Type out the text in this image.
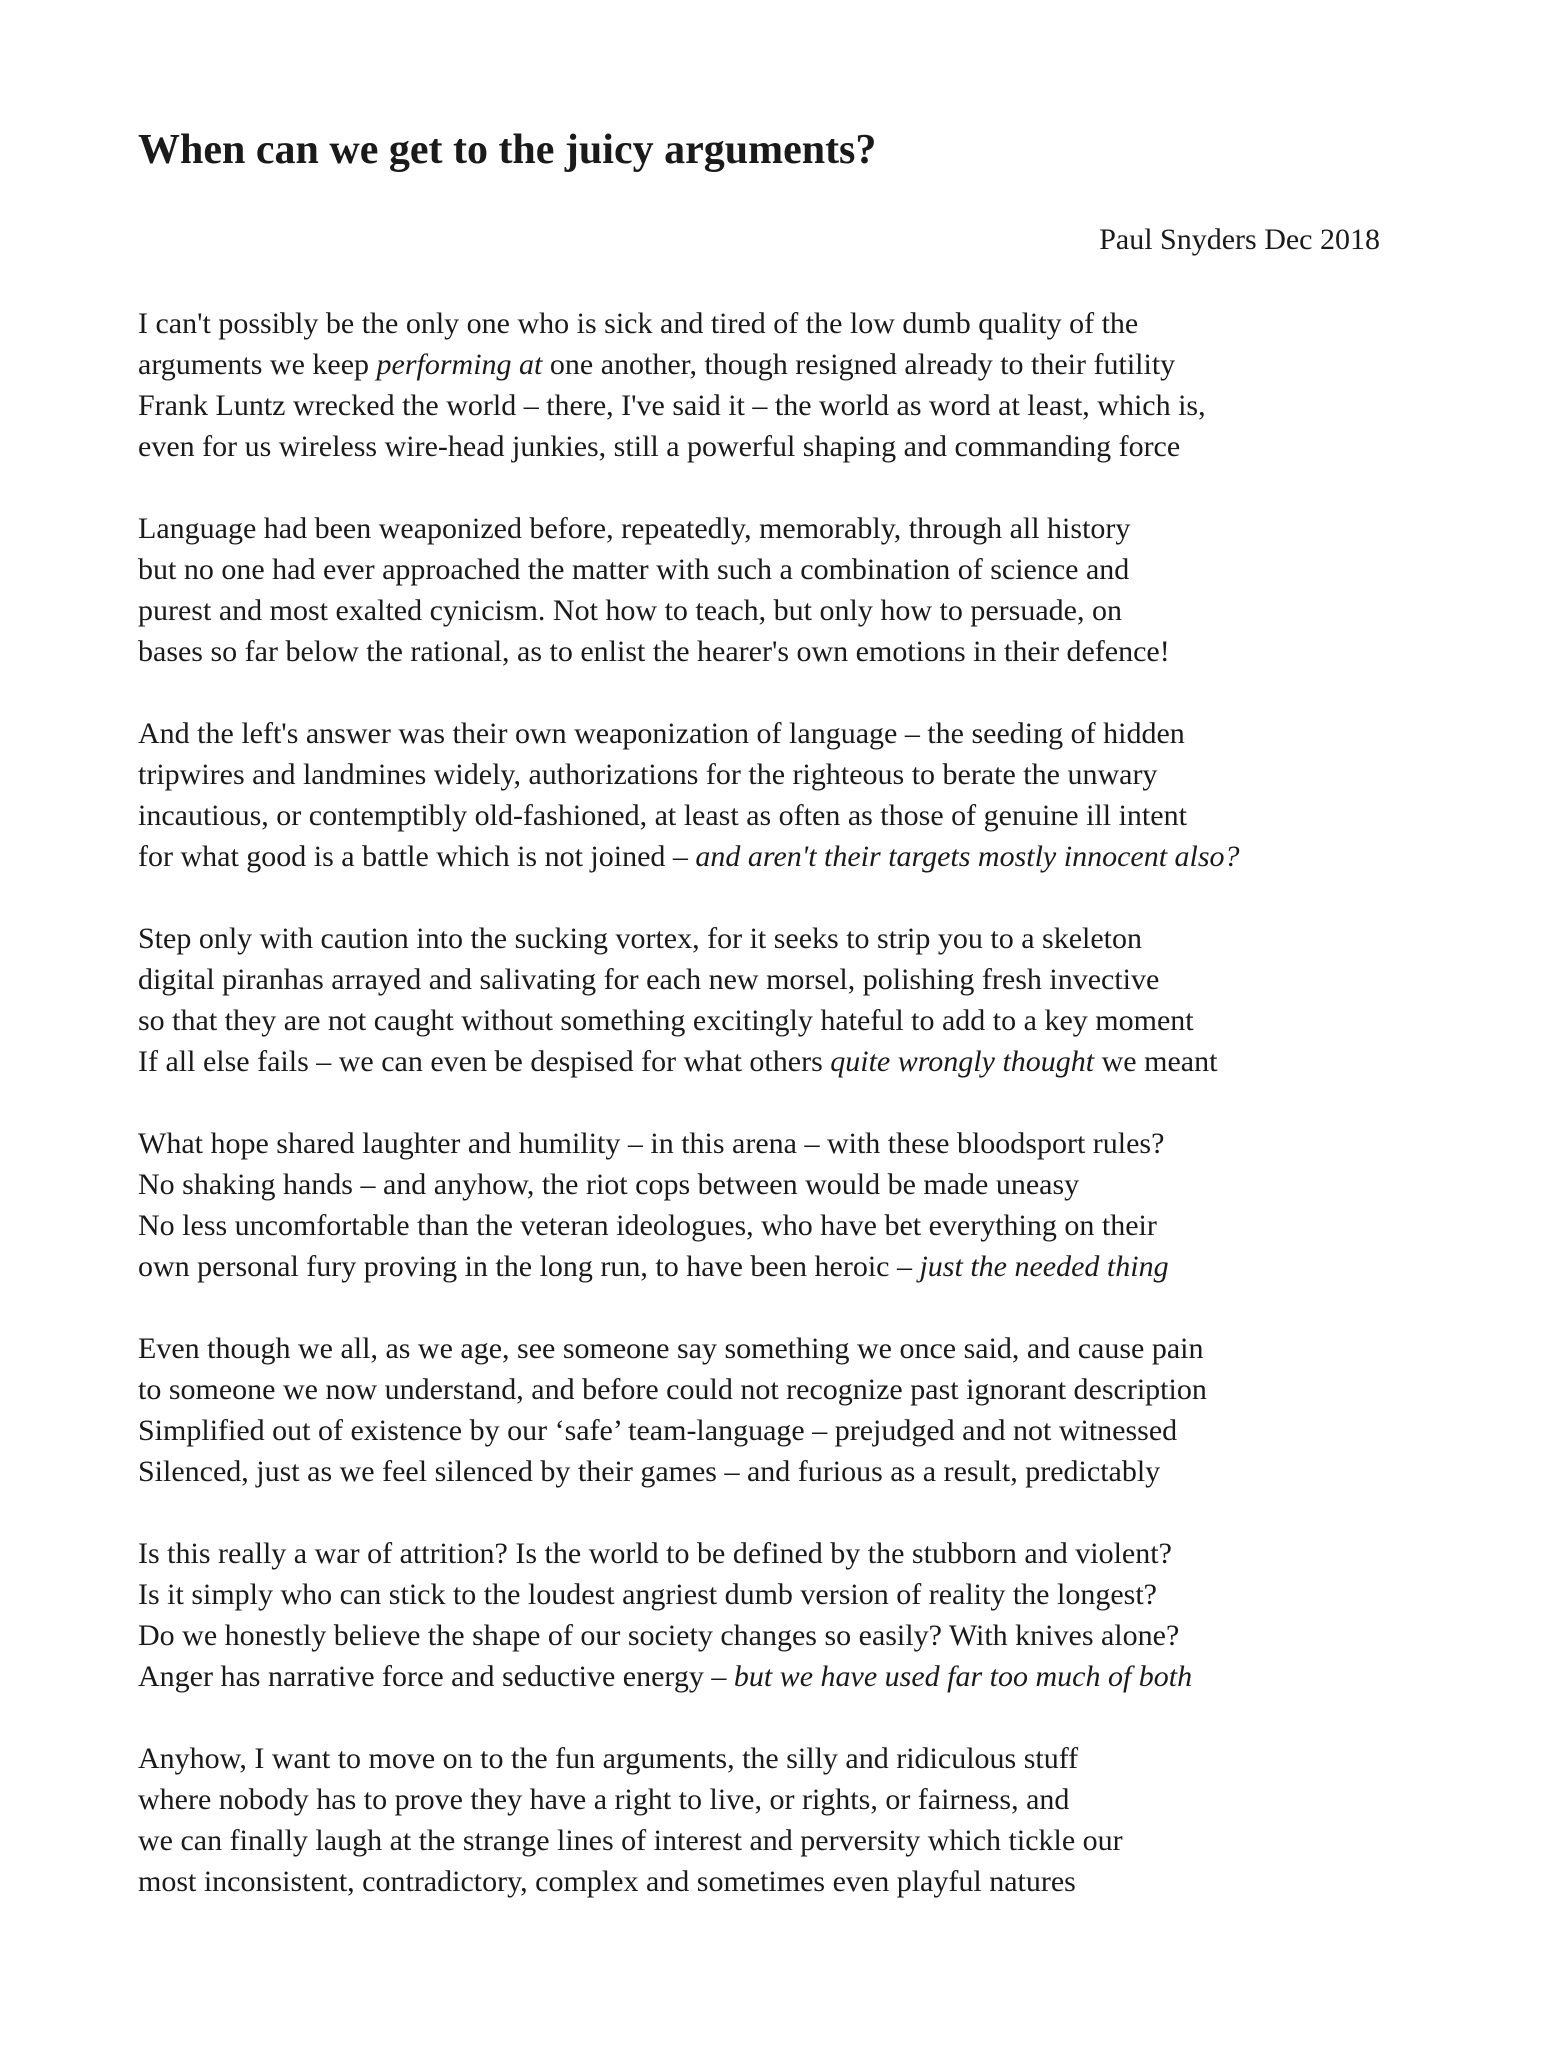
When can we get to the juicy arguments?
Paul Snyders Dec 2018
I can't possibly be the only one who is sick and tired of the low dumb quality of the
arguments we keep performing at one another, though resigned already to their futility
Frank Luntz wrecked the world – there, I've said it – the world as word at least, which is,
even for us wireless wire-head junkies, still a powerful shaping and commanding force
Language had been weaponized before, repeatedly, memorably, through all history
but no one had ever approached the matter with such a combination of science and
purest and most exalted cynicism. Not how to teach, but only how to persuade, on
bases so far below the rational, as to enlist the hearer's own emotions in their defence!
And the left's answer was their own weaponization of language – the seeding of hidden
tripwires and landmines widely, authorizations for the righteous to berate the unwary
incautious, or contemptibly old-fashioned, at least as often as those of genuine ill intent
for what good is a battle which is not joined – and aren't their targets mostly innocent also?
Step only with caution into the sucking vortex, for it seeks to strip you to a skeleton
digital piranhas arrayed and salivating for each new morsel, polishing fresh invective
so that they are not caught without something excitingly hateful to add to a key moment
If all else fails – we can even be despised for what others quite wrongly thought we meant
What hope shared laughter and humility – in this arena – with these bloodsport rules?
No shaking hands – and anyhow, the riot cops between would be made uneasy
No less uncomfortable than the veteran ideologues, who have bet everything on their
own personal fury proving in the long run, to have been heroic – just the needed thing
Even though we all, as we age, see someone say something we once said, and cause pain
to someone we now understand, and before could not recognize past ignorant description
Simplified out of existence by our ‘safe’ team-language – prejudged and not witnessed
Silenced, just as we feel silenced by their games – and furious as a result, predictably
Is this really a war of attrition? Is the world to be defined by the stubborn and violent?
Is it simply who can stick to the loudest angriest dumb version of reality the longest?
Do we honestly believe the shape of our society changes so easily? With knives alone?
Anger has narrative force and seductive energy – but we have used far too much of both
Anyhow, I want to move on to the fun arguments, the silly and ridiculous stuff
where nobody has to prove they have a right to live, or rights, or fairness, and
we can finally laugh at the strange lines of interest and perversity which tickle our
most inconsistent, contradictory, complex and sometimes even playful natures
